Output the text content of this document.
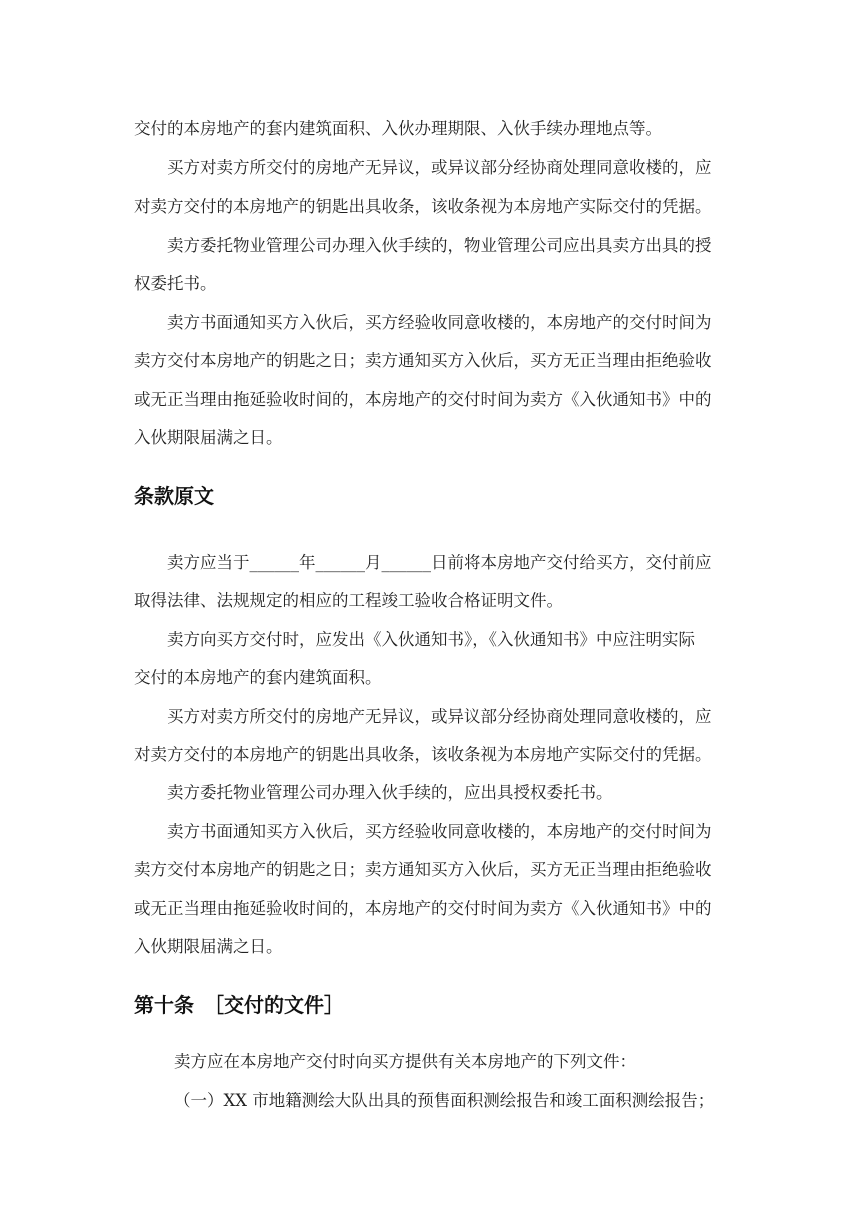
交付的本房地产的套内建筑面积、入伙办理期限、入伙手续办理地点等。
买方对卖方所交付的房地产无异议，或异议部分经协商处理同意收楼的，应
对卖方交付的本房地产的钥匙出具收条，该收条视为本房地产实际交付的凭据。
卖方委托物业管理公司办理入伙手续的，物业管理公司应出具卖方出具的授
权委托书。
卖方书面通知买方入伙后，买方经验收同意收楼的，本房地产的交付时间为
卖方交付本房地产的钥匙之日；卖方通知买方入伙后，买方无正当理由拒绝验收
或无正当理由拖延验收时间的，本房地产的交付时间为卖方《入伙通知书》中的
入伙期限届满之日。
条款原文
卖方应当于______年______月______日前将本房地产交付给买方，交付前应
取得法律、法规规定的相应的工程竣工验收合格证明文件。
卖方向买方交付时，应发出《入伙通知书》，《入伙通知书》中应注明实际
交付的本房地产的套内建筑面积。
买方对卖方所交付的房地产无异议，或异议部分经协商处理同意收楼的，应
对卖方交付的本房地产的钥匙出具收条，该收条视为本房地产实际交付的凭据。
卖方委托物业管理公司办理入伙手续的，应出具授权委托书。
卖方书面通知买方入伙后，买方经验收同意收楼的，本房地产的交付时间为
卖方交付本房地产的钥匙之日；卖方通知买方入伙后，买方无正当理由拒绝验收
或无正当理由拖延验收时间的，本房地产的交付时间为卖方《入伙通知书》中的
入伙期限届满之日。
第十条　［交付的文件］
卖方应在本房地产交付时向买方提供有关本房地产的下列文件：
（一）XX 市地籍测绘大队出具的预售面积测绘报告和竣工面积测绘报告；
